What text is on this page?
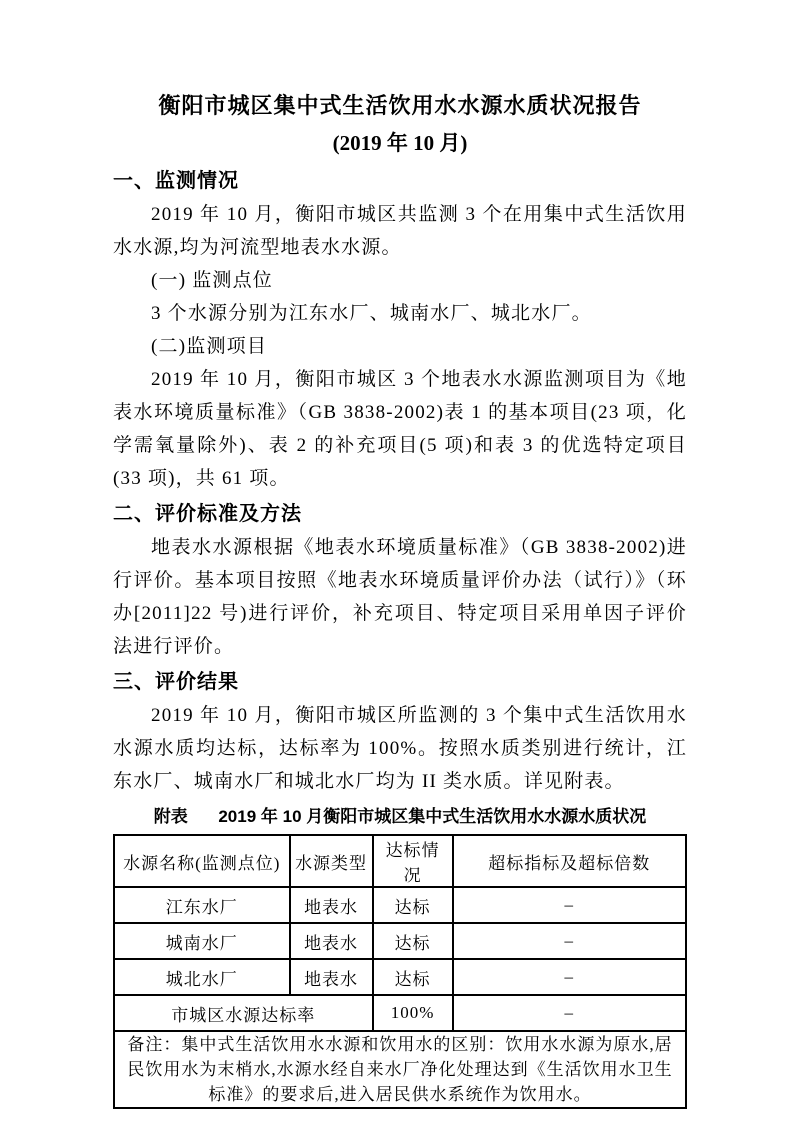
衡阳市城区集中式生活饮用水水源水质状况报告
(2019 年 10 月)
一、监测情况

2019 年 10 月，衡阳市城区共监测 3 个在用集中式生活饮用水水源,均为河流型地表水水源。

(一) 监测点位

3 个水源分别为江东水厂、城南水厂、城北水厂。

(二)监测项目

2019 年 10 月，衡阳市城区 3 个地表水水源监测项目为《地表水环境质量标准》（GB 3838-2002)表 1 的基本项目(23 项，化学需氧量除外)、表 2 的补充项目(5 项)和表 3 的优选特定项目(33 项)，共 61 项。

二、评价标准及方法

地表水水源根据《地表水环境质量标准》（GB 3838-2002)进行评价。基本项目按照《地表水环境质量评价办法（试行）》（环办[2011]22 号)进行评价，补充项目、特定项目采用单因子评价法进行评价。

三、评价结果

2019 年 10 月，衡阳市城区所监测的 3 个集中式生活饮用水水源水质均达标，达标率为 100%。按照水质类别进行统计，江东水厂、城南水厂和城北水厂均为 II 类水质。详见附表。

附表 2019 年 10 月衡阳市城区集中式生活饮用水水源水质状况
水源名称(监测点位)	水源类型	达标情况	超标指标及超标倍数
江东水厂	地表水	达标	–
城南水厂	地表水	达标	–
城北水厂	地表水	达标	–
市城区水源达标率		100%	–
备注：集中式生活饮用水水源和饮用水的区别：饮用水水源为原水,居民饮用水为末梢水,水源水经自来水厂净化处理达到《生活饮用水卫生标准》的要求后,进入居民供水系统作为饮用水。			
